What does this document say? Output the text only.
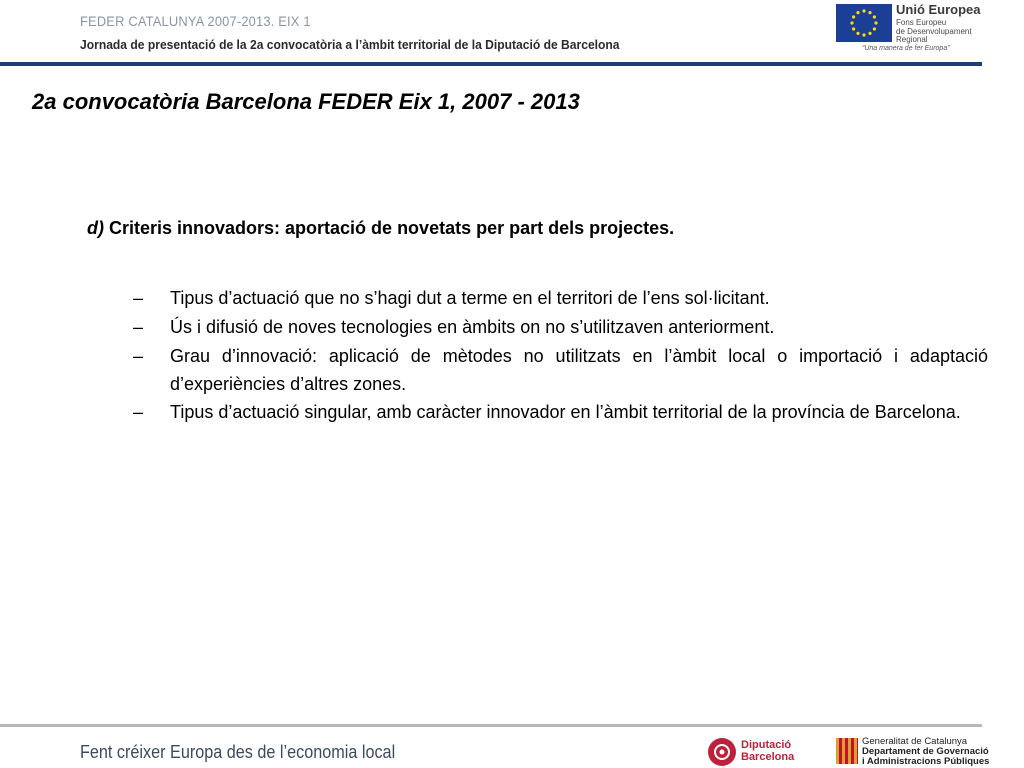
FEDER CATALUNYA 2007-2013. EIX 1
Jornada de presentació de la 2a convocatòria a l’àmbit territorial de la Diputació de Barcelona
Unió Europea
Fons Europeu
de Desenvolupament
Regional
“Una manera de fer Europa”
2a convocatòria Barcelona FEDER Eix 1, 2007 - 2013
d) Criteris innovadors: aportació de novetats per part dels projectes.
– Tipus d’actuació que no s’hagi dut a terme en el territori de l’ens sol·licitant.
– Ús i difusió de noves tecnologies en àmbits on no s’utilitzaven anteriorment.
– Grau d’innovació: aplicació de mètodes no utilitzats en l’àmbit local o importació i adaptació d’experiències d’altres zones.
– Tipus d’actuació singular, amb caràcter innovador en l’àmbit territorial de la província de Barcelona.
Fent créixer Europa des de l’economia local	Diputació
Barcelona
Generalitat de Catalunya
Departament de Governació
i Administracions Públiques
